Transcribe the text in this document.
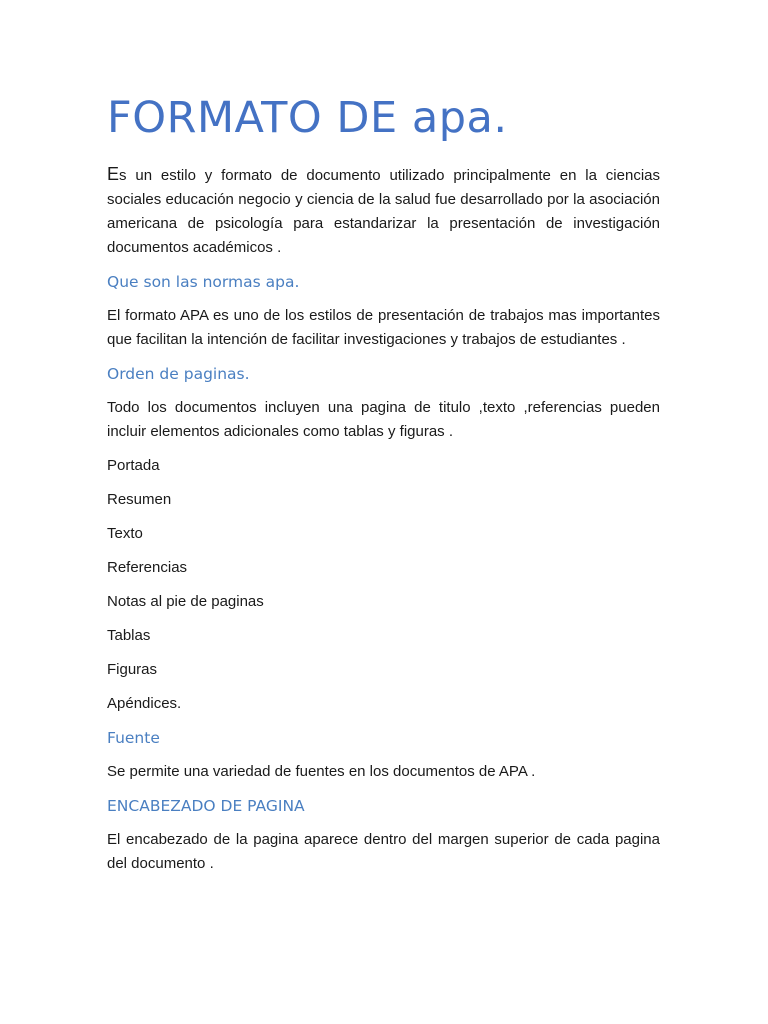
FORMATO DE apa.

Es un estilo y formato de documento utilizado principalmente en la ciencias sociales educación negocio y ciencia de la salud fue desarrollado por la asociación americana de psicología para estandarizar la presentación de investigación documentos académicos .

Que son las normas apa.

El formato APA es uno de los estilos de presentación de trabajos mas importantes que facilitan la intención de facilitar investigaciones y trabajos de estudiantes .

Orden de paginas.

Todo los documentos incluyen una pagina de titulo ,texto ,referencias pueden incluir elementos adicionales como tablas y figuras .

Portada
Resumen
Texto
Referencias
Notas al pie de paginas
Tablas
Figuras
Apéndices.
Fuente

Se permite una variedad de fuentes en los documentos de APA .

ENCABEZADO DE PAGINA

El encabezado de la pagina aparece dentro del margen superior de cada pagina del documento .
